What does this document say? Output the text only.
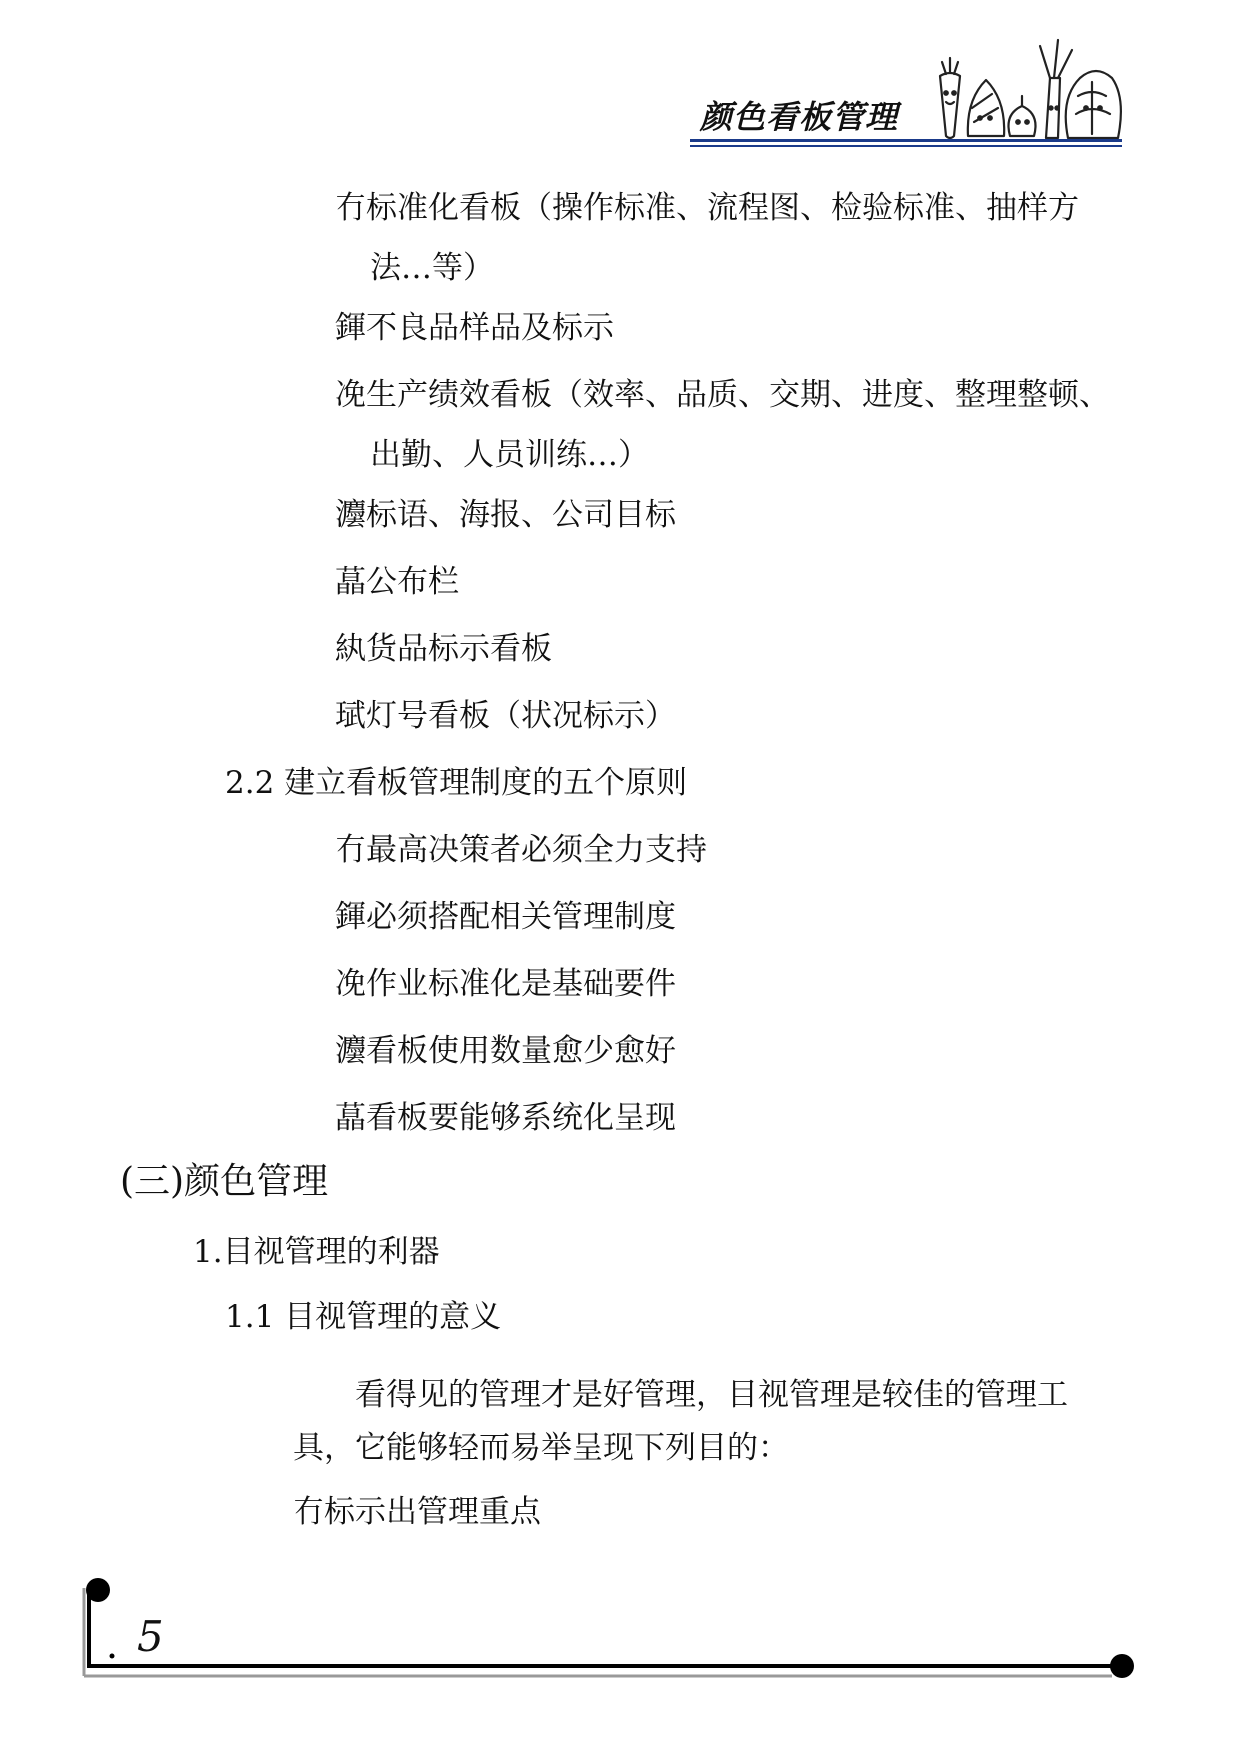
颜色看板管理
冇标准化看板（操作标准、流程图、检验标准、抽样方
法…等）
鍕不良品样品及标示
凂生产绩效看板（效率、品质、交期、进度、整理整顿、
出勤、人员训练…）
灋标语、海报、公司目标
蕌公布栏
紈货品标示看板
珷灯号看板（状况标示）
2.2 建立看板管理制度的五个原则
冇最高决策者必须全力支持
鍕必须搭配相关管理制度
凂作业标准化是基础要件
灋看板使用数量愈少愈好
蕌看板要能够系统化呈现
(三)颜色管理
1.目视管理的利器
1.1 目视管理的意义
看得见的管理才是好管理，目视管理是较佳的管理工
具，它能够轻而易举呈现下列目的：
冇标示出管理重点
5
